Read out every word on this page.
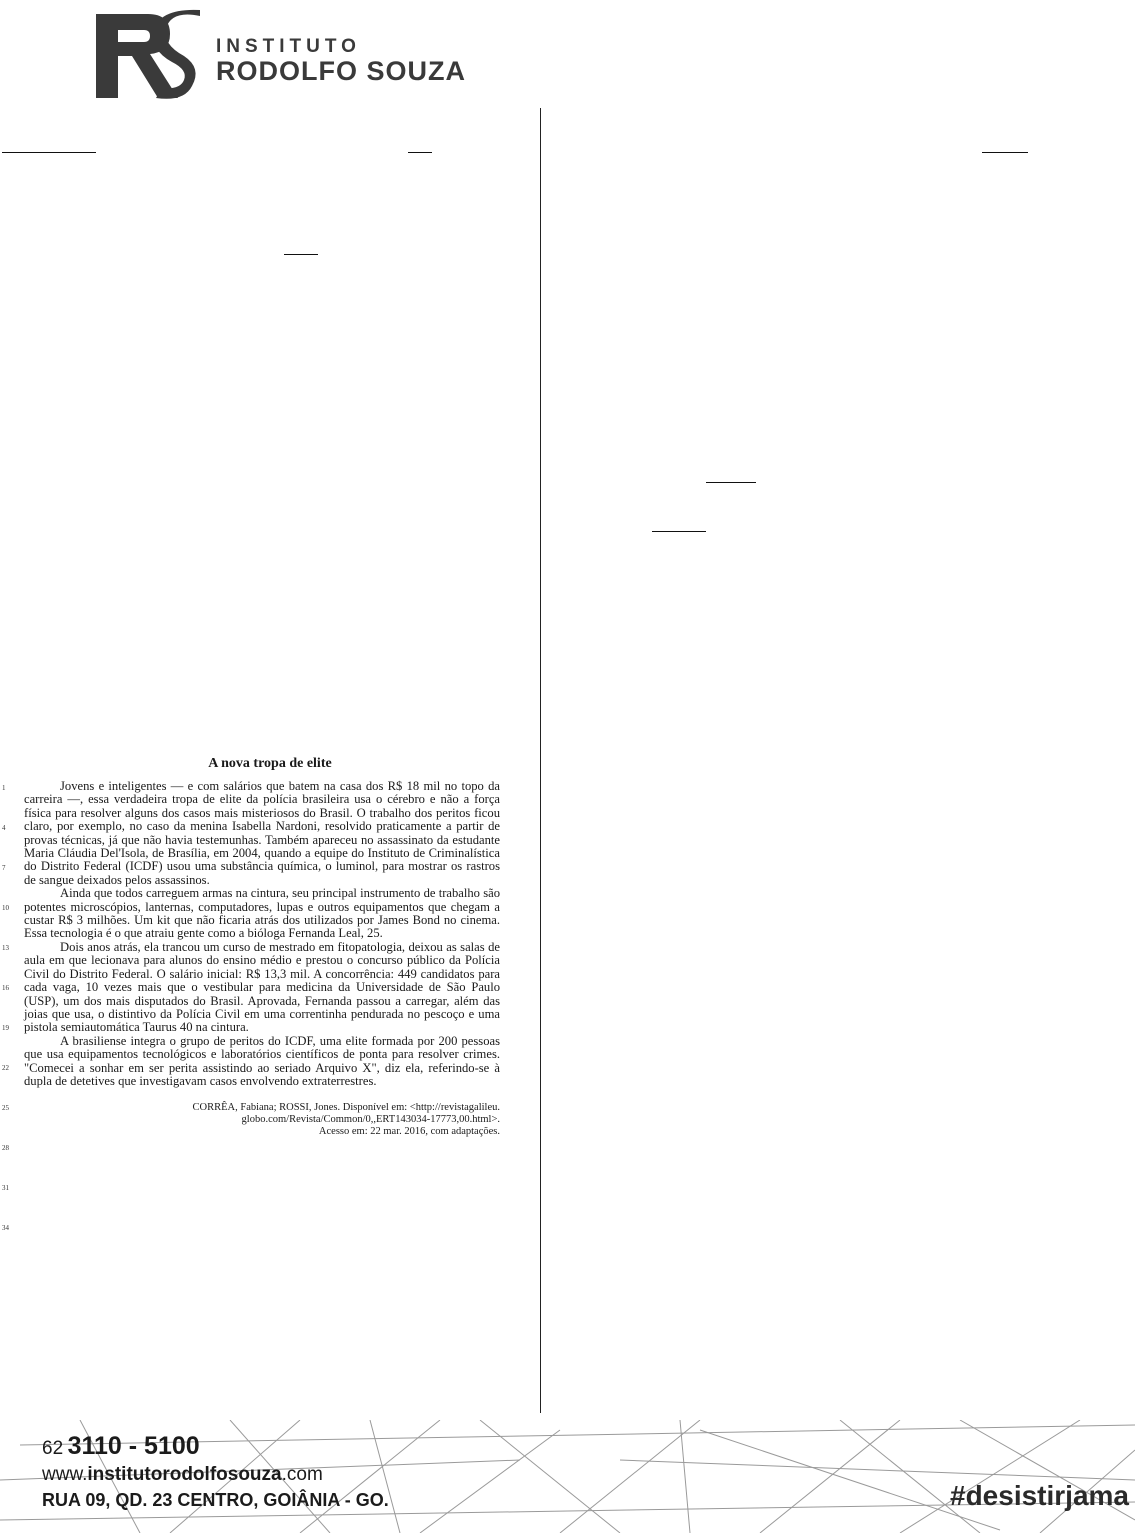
INSTITUTO
RODOLFO SOUZA
A nova tropa de elite
1
4
7
10
13
16
19
22
25
28
31
34

Jovens e inteligentes — e com salários que batem na casa dos R$ 18 mil no topo da carreira —, essa verdadeira tropa de elite da polícia brasileira usa o cérebro e não a força física para resolver alguns dos casos mais misteriosos do Brasil. O trabalho dos peritos ficou claro, por exemplo, no caso da menina Isabella Nardoni, resolvido praticamente a partir de provas técnicas, já que não havia testemunhas. Também apareceu no assassinato da estudante Maria Cláudia Del'Isola, de Brasília, em 2004, quando a equipe do Instituto de Criminalística do Distrito Federal (ICDF) usou uma substância química, o luminol, para mostrar os rastros de sangue deixados pelos assassinos.

Ainda que todos carreguem armas na cintura, seu principal instrumento de trabalho são potentes microscópios, lanternas, computadores, lupas e outros equipamentos que chegam a custar R$ 3 milhões. Um kit que não ficaria atrás dos utilizados por James Bond no cinema. Essa tecnologia é o que atraiu gente como a bióloga Fernanda Leal, 25.

Dois anos atrás, ela trancou um curso de mestrado em fitopatologia, deixou as salas de aula em que lecionava para alunos do ensino médio e prestou o concurso público da Polícia Civil do Distrito Federal. O salário inicial: R$ 13,3 mil. A concorrência: 449 candidatos para cada vaga, 10 vezes mais que o vestibular para medicina da Universidade de São Paulo (USP), um dos mais disputados do Brasil. Aprovada, Fernanda passou a carregar, além das joias que usa, o distintivo da Polícia Civil em uma correntinha pendurada no pescoço e uma pistola semiautomática Taurus 40 na cintura.

A brasiliense integra o grupo de peritos do ICDF, uma elite formada por 200 pessoas que usa equipamentos tecnológicos e laboratórios científicos de ponta para resolver crimes. "Comecei a sonhar em ser perita assistindo ao seriado Arquivo X", diz ela, referindo-se à dupla de detetives que investigavam casos envolvendo extraterrestres.

CORRÊA, Fabiana; ROSSI, Jones. Disponível em: <http://revistagalileu.
globo.com/Revista/Common/0,,ERT143034-17773,00.html>.
Acesso em: 22 mar. 2016, com adaptações.
62 3110 - 5100
www.institutorodolfosouza.com
RUA 09, QD. 23 CENTRO, GOIÂNIA - GO.	#desistirjama
